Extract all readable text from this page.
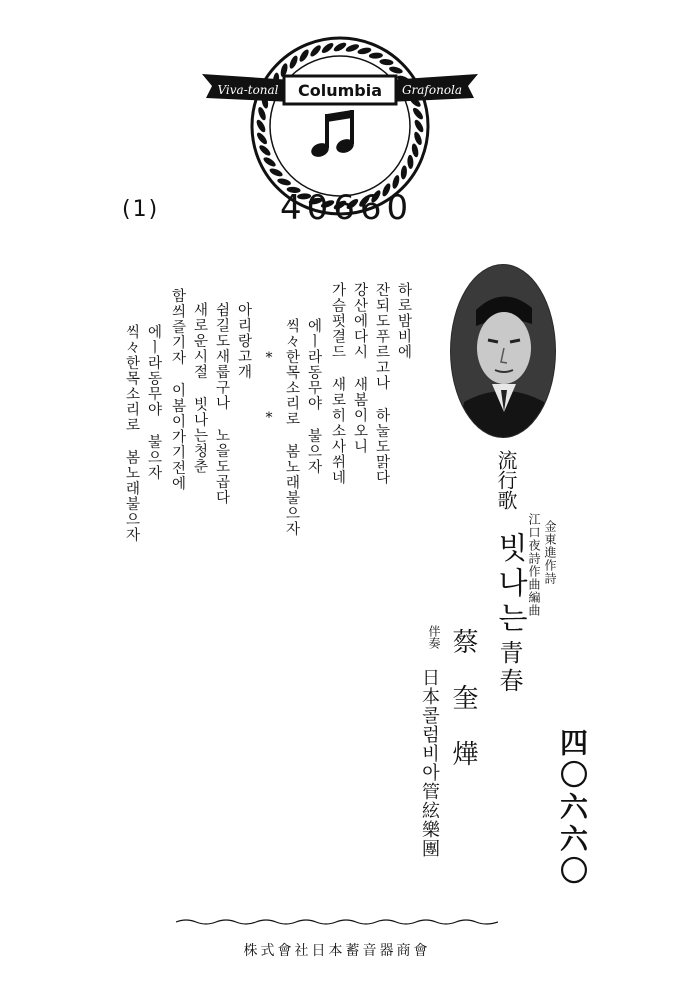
Viva-tonal Columbia Grafonola
(1)	40660
流行歌
빗나는
青春
金東進作詩
江口夜詩作曲編曲
蔡奎燁
伴奏
日本콜럼비아管絃樂團	四〇六六〇
하로밤비에
잔되도푸르고나 하눌도맑다
강산에다시 새봄이오니
가슴펏결드 새로히소사쒸네
에ㅣ라동무야 불으자
씩々한목소리로 봄노래불으자
*
*
아리랑고개
쉼길도새룹구나 노을도곱다
새로운시절 빗나는청춘
함씌즐기자 이봄이가기전에
에ㅣ라동무야 불으자
씩々한목소리로 봄노래불으자
株式會社日本蓄音器商會
